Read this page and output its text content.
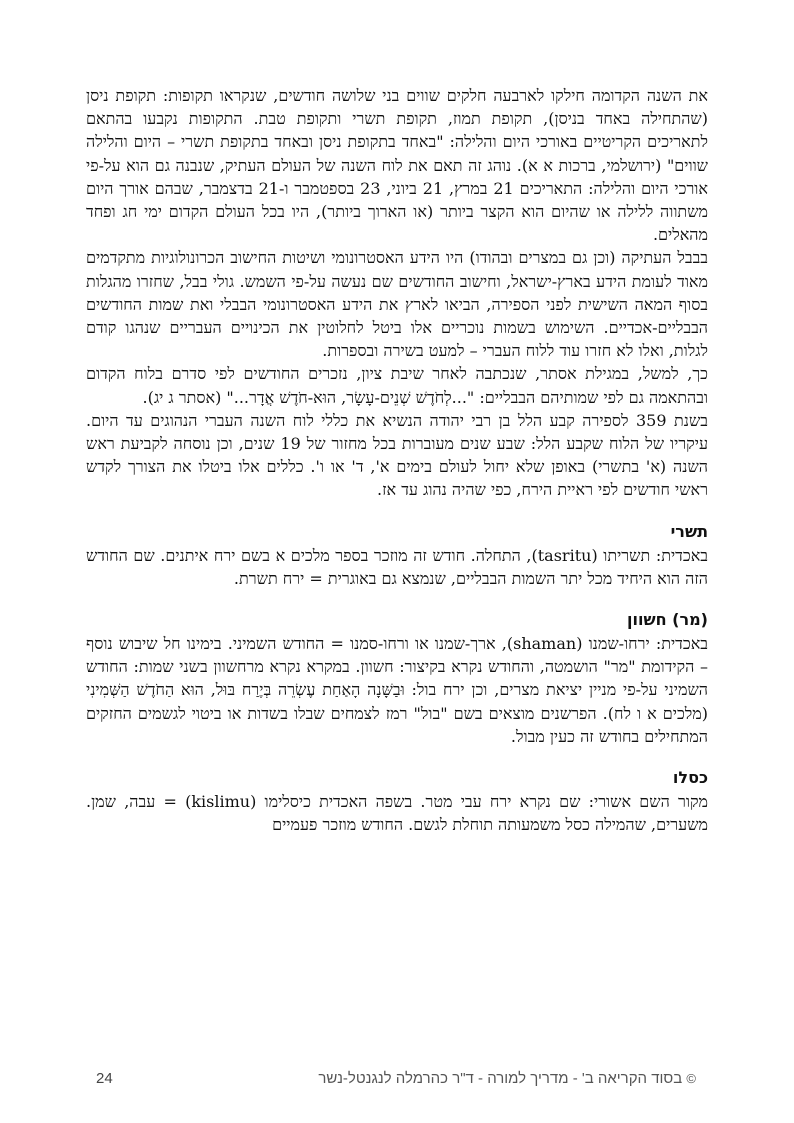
את השנה הקדומה חילקו לארבעה חלקים שווים בני שלושה חודשים, שנקראו תקופות: תקופת ניסן (שהתחילה באחד בניסן), תקופת תמוז, תקופת תשרי ותקופת טבת. התקופות נקבעו בהתאם לתאריכים הקריטיים באורכי היום והלילה: "באחד בתקופת ניסן ובאחד בתקופת תשרי – היום והלילה שווים" (ירושלמי, ברכות א א). נוהג זה תאם את לוח השנה של העולם העתיק, שנבנה גם הוא על-פי אורכי היום והלילה: התאריכים 21 במרץ, 21 ביוני, 23 בספטמבר ו-21 בדצמבר, שבהם אורך היום משתווה ללילה או שהיום הוא הקצר ביותר (או הארוך ביותר), היו בכל העולם הקדום ימי חג ופחד מהאלים.

בבבל העתיקה (וכן גם במצרים ובהודו) היו הידע האסטרונומי ושיטות החישוב הכרונולוגיות מתקדמים מאוד לעומת הידע בארץ-ישראל, וחישוב החודשים שם נעשה על-פי השמש. גולי בבל, שחזרו מהגלות בסוף המאה השישית לפני הספירה, הביאו לארץ את הידע האסטרונומי הבבלי ואת שמות החודשים הבבליים-אכדיים. השימוש בשמות נוכריים אלו ביטל לחלוטין את הכינויים העבריים שנהגו קודם לגלות, ואלו לא חזרו עוד ללוח העברי – למעט בשירה ובספרות.

כך, למשל, במגילת אסתר, שנכתבה לאחר שיבת ציון, נזכרים החודשים לפי סדרם בלוח הקדום ובהתאמה גם לפי שמותיהם הבבליים: "...לְחֹדֶשׁ שְׁנֵים-עָשָׂר, הוּא-חֹדֶשׁ אֲדָר..." (אסתר ג יג).

בשנת 359 לספירה קבע הלל בן רבי יהודה הנשיא את כללי לוח השנה העברי הנהוגים עד היום. עיקריו של הלוח שקבע הלל: שבע שנים מעוברות בכל מחזור של 19 שנים, וכן נוסחה לקביעת ראש השנה (א' בתשרי) באופן שלא יחול לעולם בימים א', ד' או ו'. כללים אלו ביטלו את הצורך לקדש ראשי חודשים לפי ראיית הירח, כפי שהיה נהוג עד אז.

תשרי

באכדית: תשריתו (tasritu), התחלה. חודש זה מוזכר בספר מלכים א בשם ירח איתנים. שם החודש הזה הוא היחיד מכל יתר השמות הבבליים, שנמצא גם באוגרית = ירח תשרת.

(מר) חשוון

באכדית: ירחו-שמנו (shaman), ארך-שמנו או ורחו-סמנו = החודש השמיני. בימינו חל שיבוש נוסף – הקידומת "מר" הושמטה, והחודש נקרא בקיצור: חשוון. במקרא נקרא מרחשוון בשני שמות: החודש השמיני על-פי מניין יציאת מצרים, וכן ירח בול: וּבַשָּׁנָה הָאַחַת עֶשְׂרֵה בְּיֶרַח בּוּל, הוּא הַחֹדֶשׁ הַשְּׁמִינִי (מלכים א ו לח). הפרשנים מוצאים בשם "בול" רמז לצמחים שבלו בשדות או ביטוי לגשמים החזקים המתחילים בחודש זה כעין מבול.

כסלו

מקור השם אשורי: שם נקרא ירח עבי מטר. בשפה האכדית כיסלימו (kislimu) = עבה, שמן. משערים, שהמילה כסל משמעותה תוחלת לגשם. החודש מוזכר פעמיים

© בסוד הקריאה ב' - מדריך למורה - ד"ר כהרמלה לנגנטל-נשר
24
